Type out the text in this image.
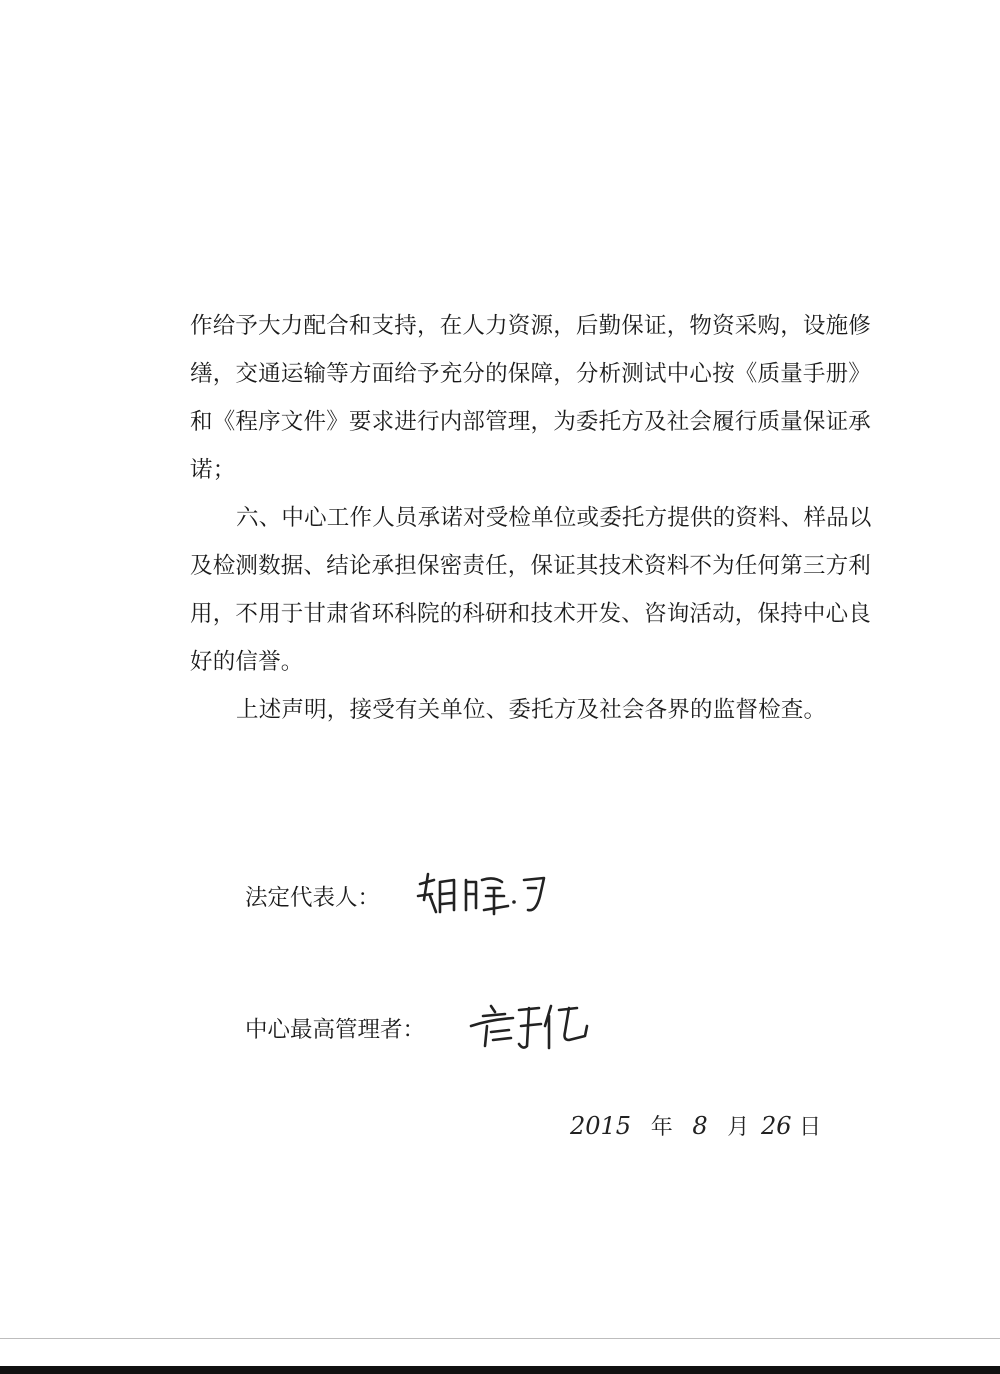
作给予大力配合和支持，在人力资源，后勤保证，物资采购，设施修
缮，交通运输等方面给予充分的保障，分析测试中心按《质量手册》
和《程序文件》要求进行内部管理，为委托方及社会履行质量保证承
诺；
六、中心工作人员承诺对受检单位或委托方提供的资料、样品以
及检测数据、结论承担保密责任，保证其技术资料不为任何第三方利
用，不用于甘肃省环科院的科研和技术开发、咨询活动，保持中心良
好的信誉。
上述声明，接受有关单位、委托方及社会各界的监督检查。
法定代表人：
中心最高管理者：
2015 年 8 月 26 日
